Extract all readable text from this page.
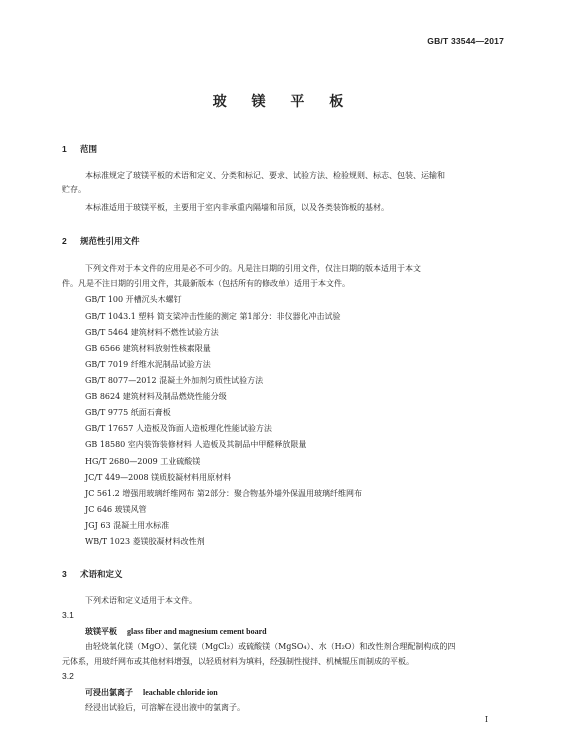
GB/T 33544—2017
玻 镁 平 板
1 范围
本标准规定了玻镁平板的术语和定义、分类和标记、要求、试验方法、检验规则、标志、包装、运输和
贮存。
本标准适用于玻镁平板，主要用于室内非承重内隔墙和吊顶，以及各类装饰板的基材。
2 规范性引用文件
下列文件对于本文件的应用是必不可少的。凡是注日期的引用文件，仅注日期的版本适用于本文
件。凡是不注日期的引用文件，其最新版本（包括所有的修改单）适用于本文件。
GB/T 100 开槽沉头木螺钉
GB/T 1043.1 塑料 简支梁冲击性能的测定 第1部分：非仪器化冲击试验
GB/T 5464 建筑材料不燃性试验方法
GB 6566 建筑材料放射性核素限量
GB/T 7019 纤维水泥制品试验方法
GB/T 8077—2012 混凝土外加剂匀质性试验方法
GB 8624 建筑材料及制品燃烧性能分级
GB/T 9775 纸面石膏板
GB/T 17657 人造板及饰面人造板理化性能试验方法
GB 18580 室内装饰装修材料 人造板及其制品中甲醛释放限量
HG/T 2680—2009 工业硫酸镁
JC/T 449—2008 镁质胶凝材料用原材料
JC 561.2 增强用玻璃纤维网布 第2部分：聚合物基外墙外保温用玻璃纤维网布
JC 646 玻镁风管
JGJ 63 混凝土用水标准
WB/T 1023 菱镁胶凝材料改性剂
3 术语和定义
下列术语和定义适用于本文件。
3.1
玻镁平板 glass fiber and magnesium cement board
由轻烧氧化镁（MgO）、氯化镁（MgCl₂）或硫酸镁（MgSO₄）、水（H₂O）和改性剂合理配制构成的四
元体系，用玻纤网布或其他材料增强，以轻质材料为填料，经强制性搅拌、机械辊压而制成的平板。
3.2
可浸出氯离子 leachable chloride ion
经浸出试验后，可溶解在浸出液中的氯离子。
I
